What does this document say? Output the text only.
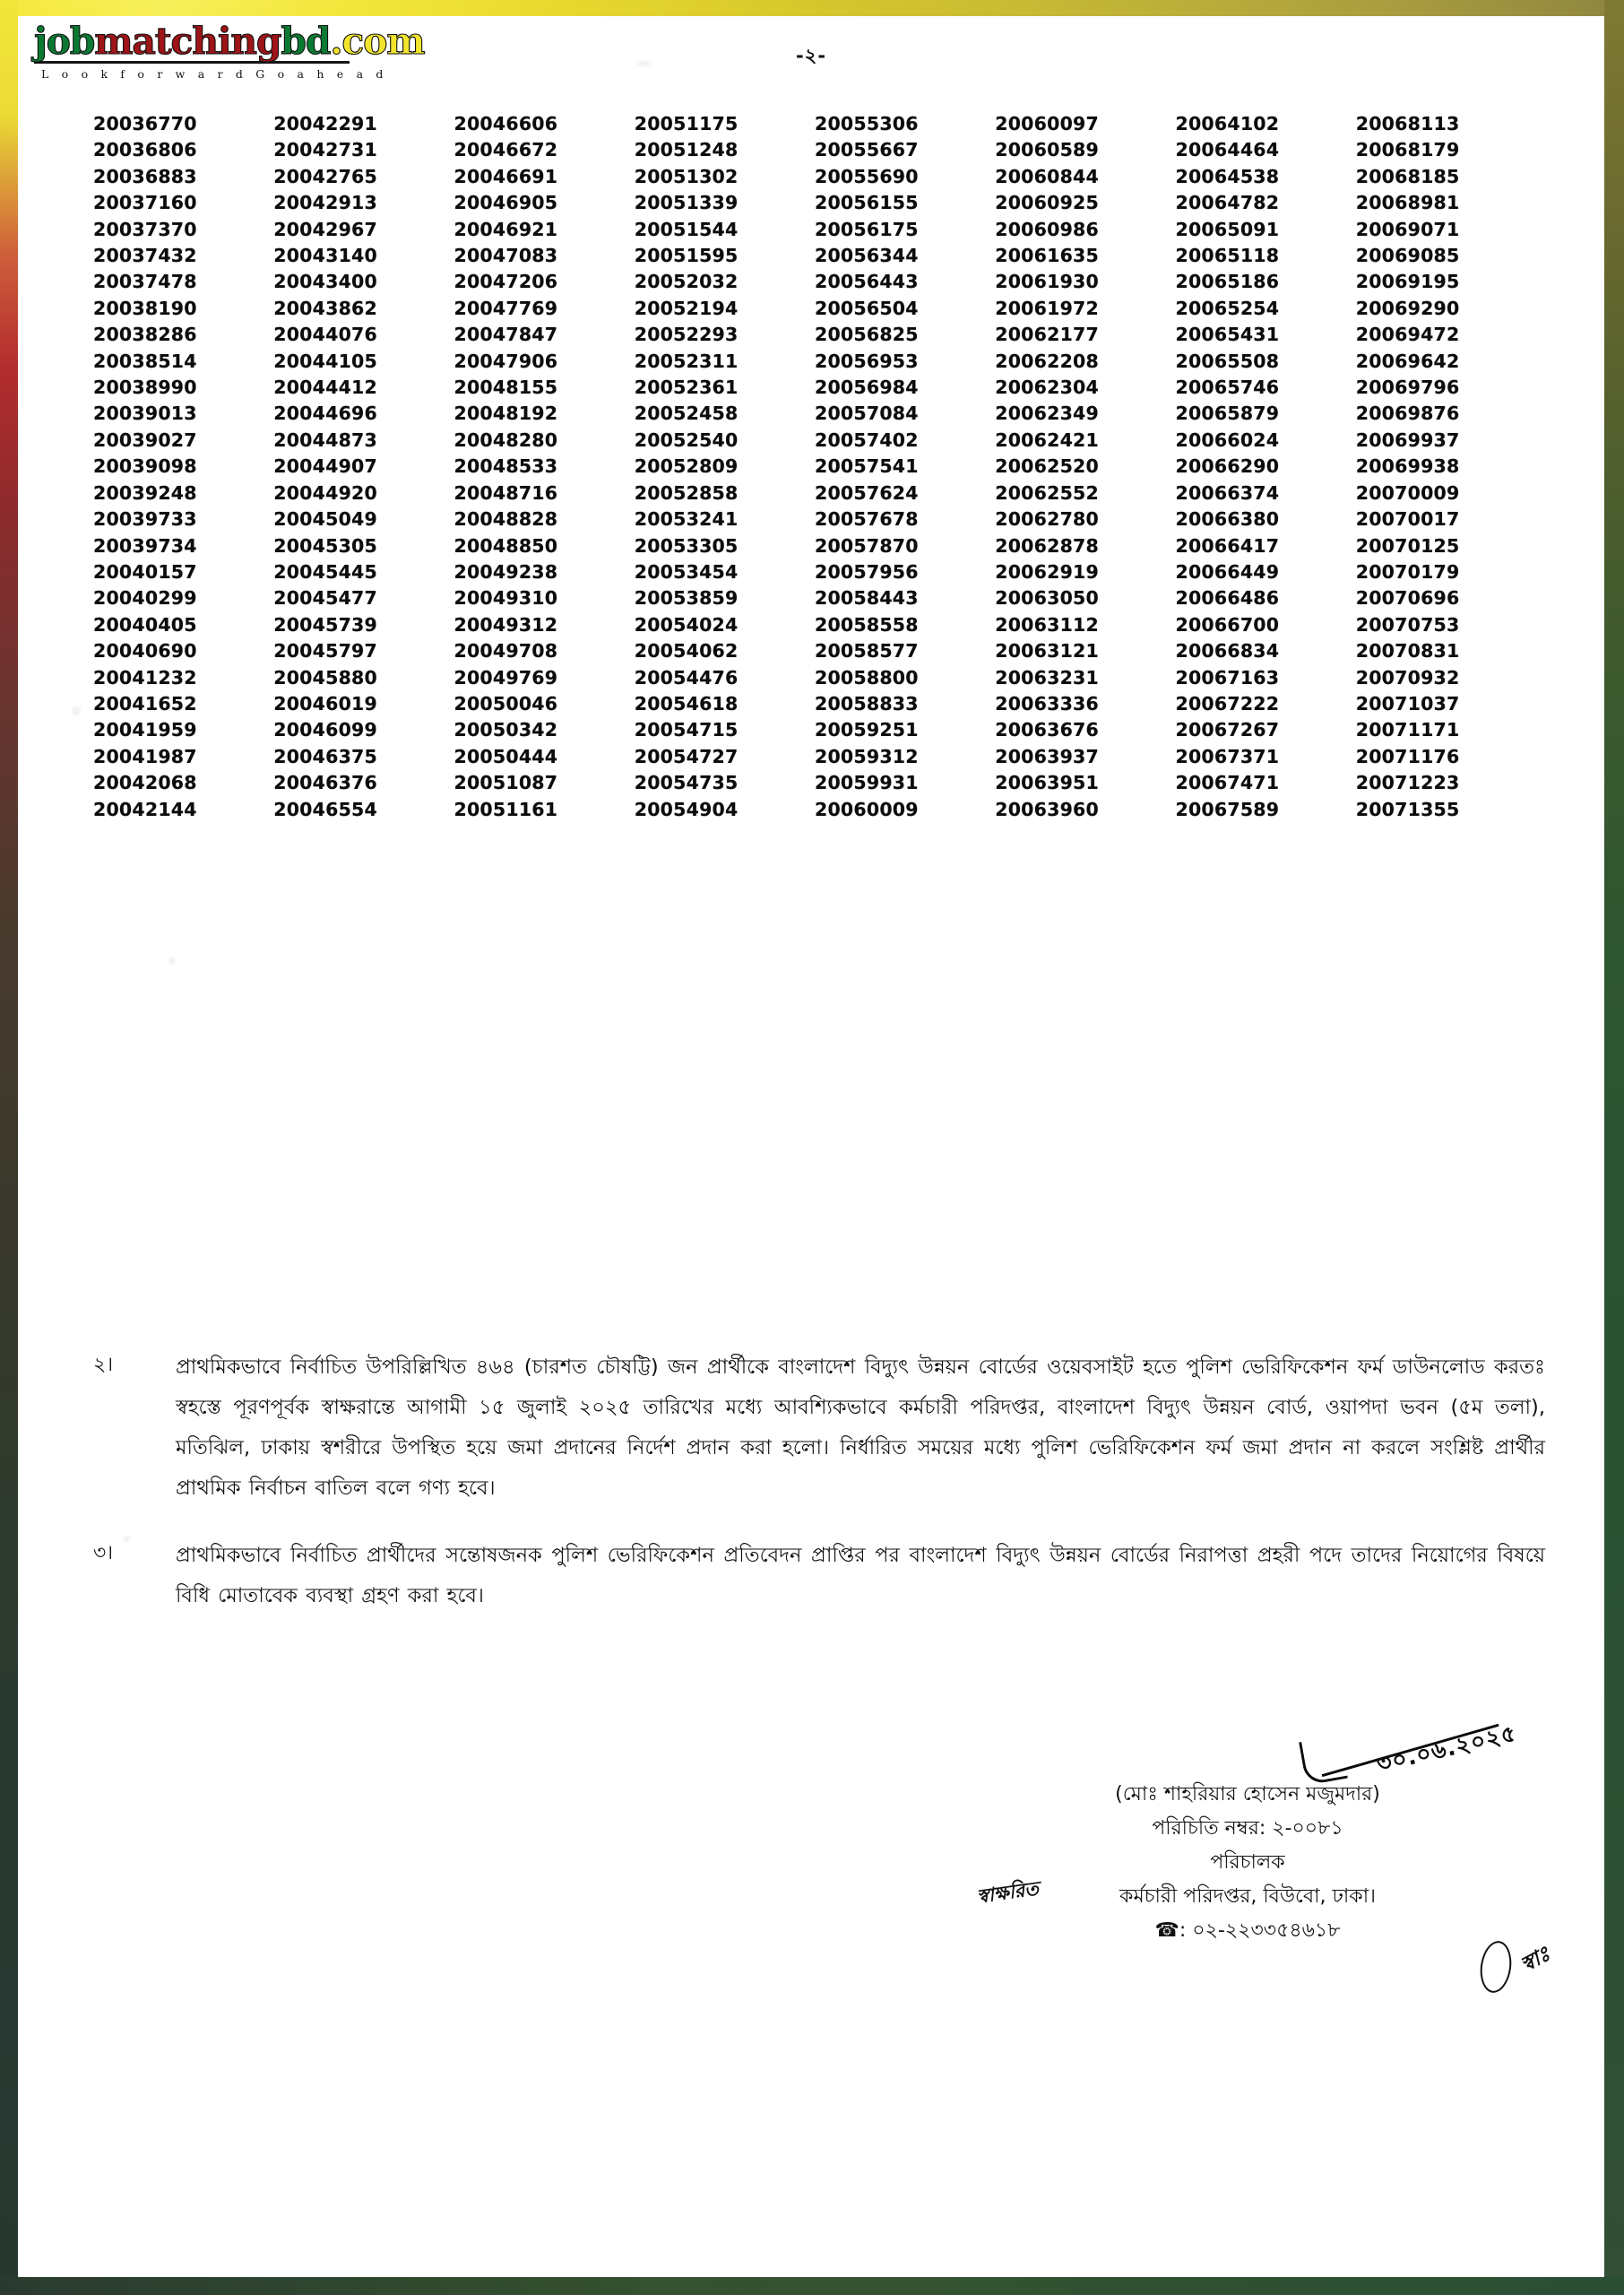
jobmatchingbd.com
L o o k f o r w a r d G o a h e a d
-২-
20036770	20042291	20046606	20051175	20055306	20060097	20064102	20068113
20036806	20042731	20046672	20051248	20055667	20060589	20064464	20068179
20036883	20042765	20046691	20051302	20055690	20060844	20064538	20068185
20037160	20042913	20046905	20051339	20056155	20060925	20064782	20068981
20037370	20042967	20046921	20051544	20056175	20060986	20065091	20069071
20037432	20043140	20047083	20051595	20056344	20061635	20065118	20069085
20037478	20043400	20047206	20052032	20056443	20061930	20065186	20069195
20038190	20043862	20047769	20052194	20056504	20061972	20065254	20069290
20038286	20044076	20047847	20052293	20056825	20062177	20065431	20069472
20038514	20044105	20047906	20052311	20056953	20062208	20065508	20069642
20038990	20044412	20048155	20052361	20056984	20062304	20065746	20069796
20039013	20044696	20048192	20052458	20057084	20062349	20065879	20069876
20039027	20044873	20048280	20052540	20057402	20062421	20066024	20069937
20039098	20044907	20048533	20052809	20057541	20062520	20066290	20069938
20039248	20044920	20048716	20052858	20057624	20062552	20066374	20070009
20039733	20045049	20048828	20053241	20057678	20062780	20066380	20070017
20039734	20045305	20048850	20053305	20057870	20062878	20066417	20070125
20040157	20045445	20049238	20053454	20057956	20062919	20066449	20070179
20040299	20045477	20049310	20053859	20058443	20063050	20066486	20070696
20040405	20045739	20049312	20054024	20058558	20063112	20066700	20070753
20040690	20045797	20049708	20054062	20058577	20063121	20066834	20070831
20041232	20045880	20049769	20054476	20058800	20063231	20067163	20070932
20041652	20046019	20050046	20054618	20058833	20063336	20067222	20071037
20041959	20046099	20050342	20054715	20059251	20063676	20067267	20071171
20041987	20046375	20050444	20054727	20059312	20063937	20067371	20071176
20042068	20046376	20051087	20054735	20059931	20063951	20067471	20071223
20042144	20046554	20051161	20054904	20060009	20063960	20067589	20071355
২।	প্রাথমিকভাবে নির্বাচিত উপরিল্লিখিত ৪৬৪ (চারশত চৌষট্টি) জন প্রার্থীকে বাংলাদেশ বিদ্যুৎ উন্নয়ন বোর্ডের ওয়েবসাইট হতে পুলিশ ভেরিফিকেশন ফর্ম ডাউনলোড করতঃ স্বহস্তে পূরণপূর্বক স্বাক্ষরান্তে আগামী ১৫ জুলাই ২০২৫ তারিখের মধ্যে আবশ্যিকভাবে কর্মচারী পরিদপ্তর, বাংলাদেশ বিদ্যুৎ উন্নয়ন বোর্ড, ওয়াপদা ভবন (৫ম তলা), মতিঝিল, ঢাকায় স্বশরীরে উপস্থিত হয়ে জমা প্রদানের নির্দেশ প্রদান করা হলো। নির্ধারিত সময়ের মধ্যে পুলিশ ভেরিফিকেশন ফর্ম জমা প্রদান না করলে সংশ্লিষ্ট প্রার্থীর প্রাথমিক নির্বাচন বাতিল বলে গণ্য হবে।
৩।	প্রাথমিকভাবে নির্বাচিত প্রার্থীদের সন্তোষজনক পুলিশ ভেরিফিকেশন প্রতিবেদন প্রাপ্তির পর বাংলাদেশ বিদ্যুৎ উন্নয়ন বোর্ডের নিরাপত্তা প্রহরী পদে তাদের নিয়োগের বিষয়ে বিধি মোতাবেক ব্যবস্থা গ্রহণ করা হবে।
৩০.০৬.২০২৫
স্বাক্ষরিত
স্বাঃ
(মোঃ শাহরিয়ার হোসেন মজুমদার)
পরিচিতি নম্বর: ২-০০৮১
পরিচালক
কর্মচারী পরিদপ্তর, বিউবো, ঢাকা।
☎: ০২-২২৩৩৫৪৬১৮
